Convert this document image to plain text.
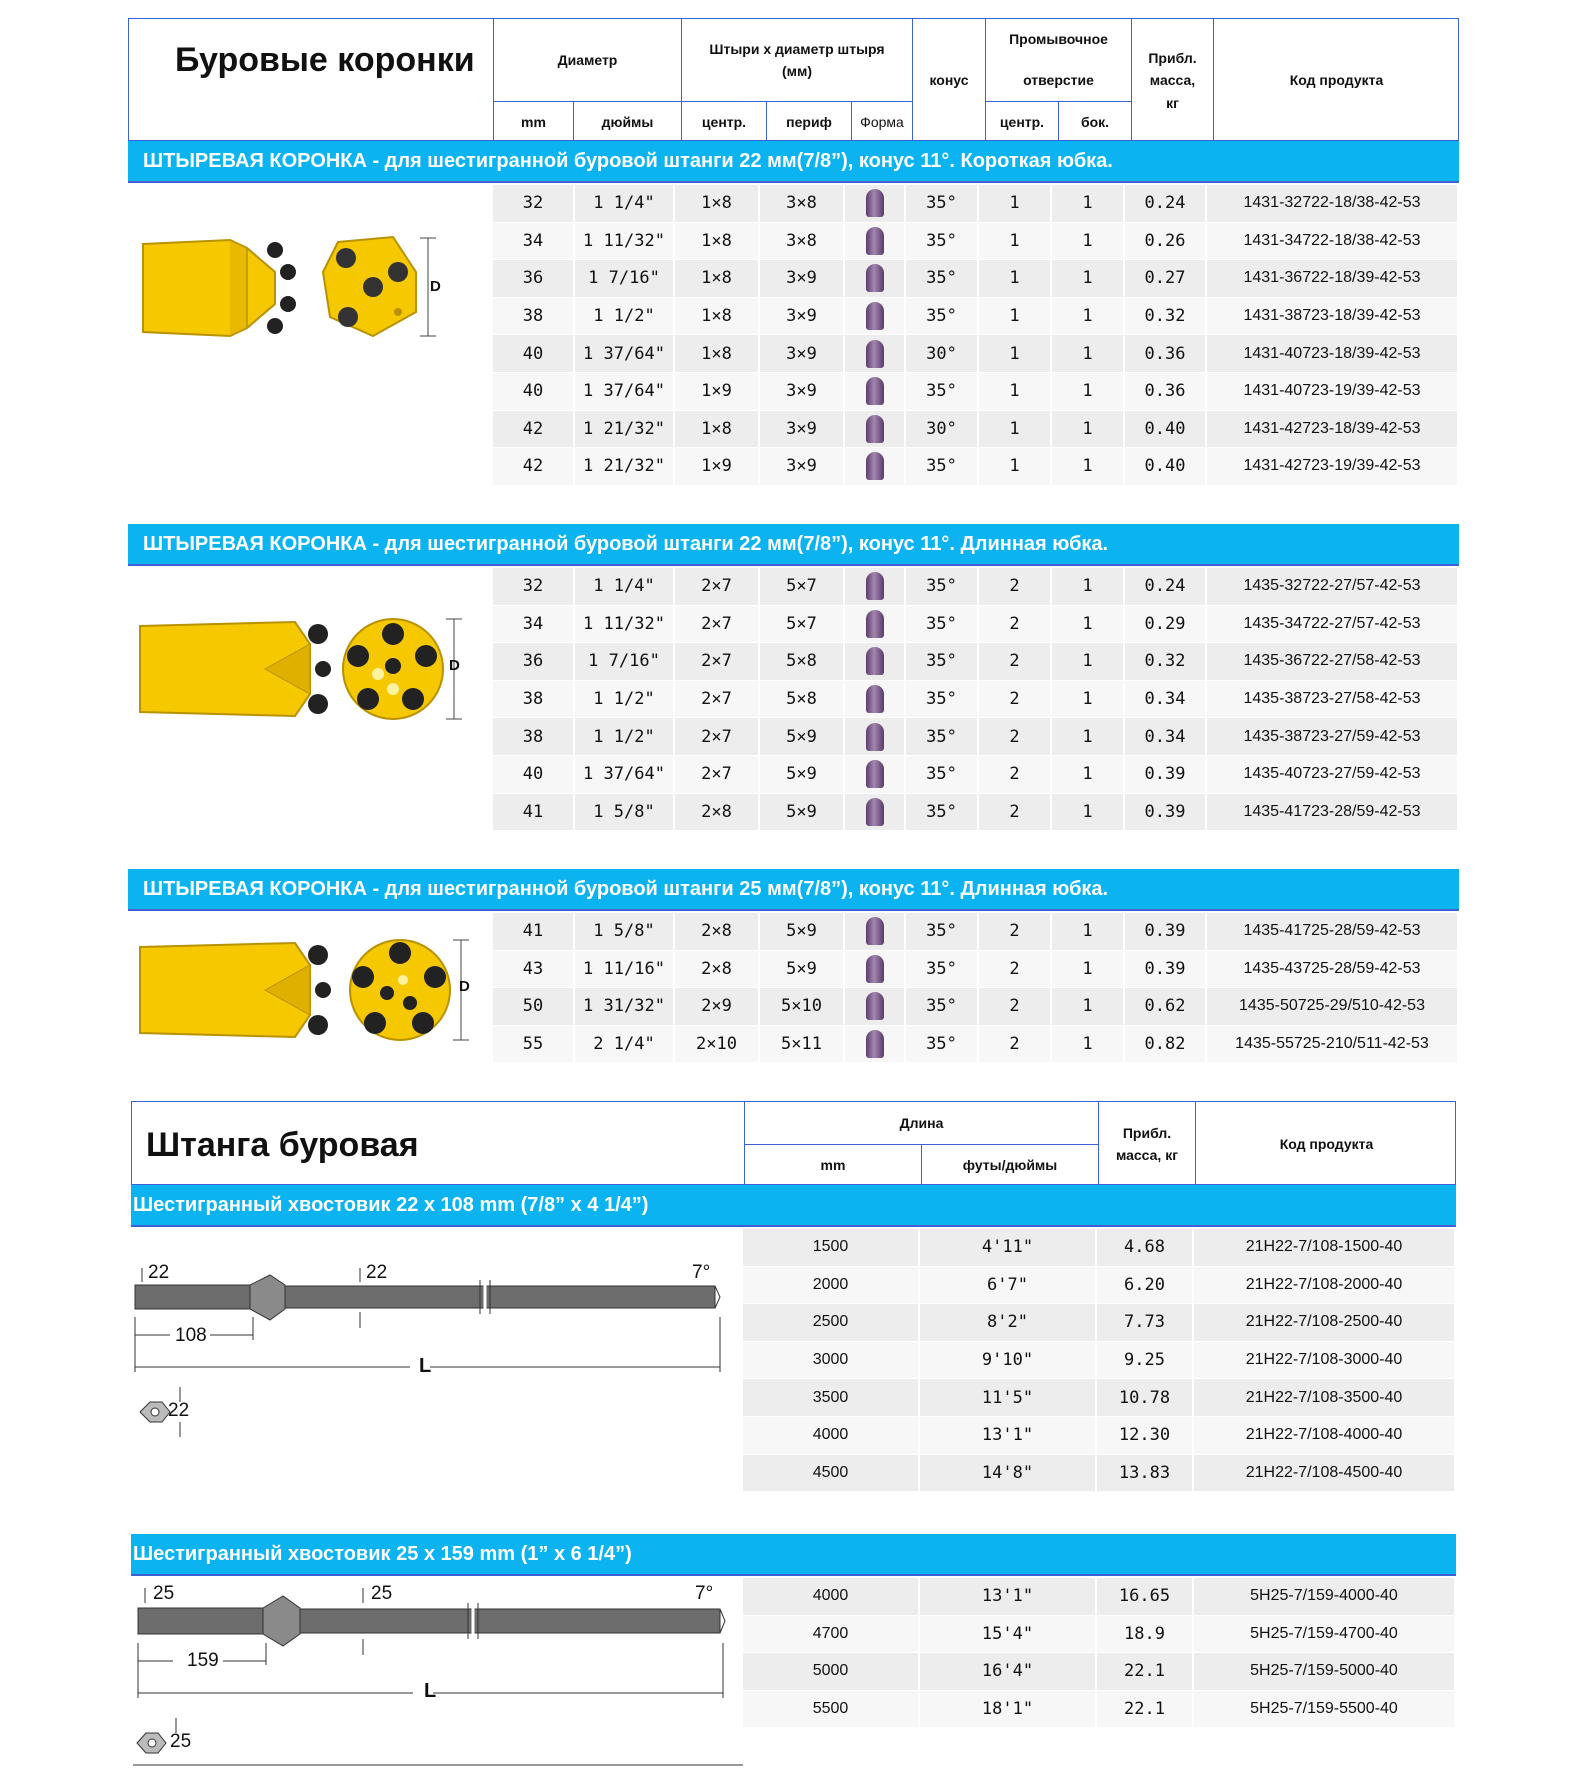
Буровые коронки	Диаметр
mm	дюймы
Штыри x диаметр штыря (мм)
центр.	периф	Форма
конус
Промывочное отверстие
центр.	бок.
Прибл. масса, кг
Код продукта
ШТЫРЕВАЯ КОРОНКА - для шестигранной буровой штанги 22 мм(7/8”), конус 11°. Короткая юбка.
32	1 1/4"	1×8	3×8	35°	1	1	0.24	1431-32722-18/38-42-53
34	1 11/32"	1×8	3×8	35°	1	1	0.26	1431-34722-18/38-42-53
36	1 7/16"	1×8	3×9	35°	1	1	0.27	1431-36722-18/39-42-53
38	1 1/2"	1×8	3×9	35°	1	1	0.32	1431-38723-18/39-42-53
40	1 37/64"	1×8	3×9	30°	1	1	0.36	1431-40723-18/39-42-53
40	1 37/64"	1×9	3×9	35°	1	1	0.36	1431-40723-19/39-42-53
42	1 21/32"	1×8	3×9	30°	1	1	0.40	1431-42723-18/39-42-53
42	1 21/32"	1×9	3×9	35°	1	1	0.40	1431-42723-19/39-42-53
D
ШТЫРЕВАЯ КОРОНКА - для шестигранной буровой штанги 22 мм(7/8”), конус 11°. Длинная юбка.
32	1 1/4"	2×7	5×7	35°	2	1	0.24	1435-32722-27/57-42-53
34	1 11/32"	2×7	5×7	35°	2	1	0.29	1435-34722-27/57-42-53
36	1 7/16"	2×7	5×8	35°	2	1	0.32	1435-36722-27/58-42-53
38	1 1/2"	2×7	5×8	35°	2	1	0.34	1435-38723-27/58-42-53
38	1 1/2"	2×7	5×9	35°	2	1	0.34	1435-38723-27/59-42-53
40	1 37/64"	2×7	5×9	35°	2	1	0.39	1435-40723-27/59-42-53
41	1 5/8"	2×8	5×9	35°	2	1	0.39	1435-41723-28/59-42-53
D
ШТЫРЕВАЯ КОРОНКА - для шестигранной буровой штанги 25 мм(7/8”), конус 11°. Длинная юбка.
41	1 5/8"	2×8	5×9	35°	2	1	0.39	1435-41725-28/59-42-53
43	1 11/16"	2×8	5×9	35°	2	1	0.39	1435-43725-28/59-42-53
50	1 31/32"	2×9	5×10	35°	2	1	0.62	1435-50725-29/510-42-53
55	2 1/4"	2×10	5×11	35°	2	1	0.82	1435-55725-210/511-42-53
D
Штанга буровая
Длина
mm	футы/дюймы
Прибл. масса, кг
Код продукта
Шестигранный хвостовик 22 x 108 mm (7/8” x 4 1/4”)
1500	4'11"	4.68	21H22-7/108-1500-40
2000	6'7"	6.20	21H22-7/108-2000-40
2500	8'2"	7.73	21H22-7/108-2500-40
3000	9'10"	9.25	21H22-7/108-3000-40
3500	11'5"	10.78	21H22-7/108-3500-40
4000	13'1"	12.30	21H22-7/108-4000-40
4500	14'8"	13.83	21H22-7/108-4500-40
22	22
108
7°
L
22
Шестигранный хвостовик 25 x 159 mm (1” x 6 1/4”)
4000	13'1"	16.65	5H25-7/159-4000-40
4700	15'4"	18.9	5H25-7/159-4700-40
5000	16'4"	22.1	5H25-7/159-5000-40
5500	18'1"	22.1	5H25-7/159-5500-40
25	25
159
7°
L
25
